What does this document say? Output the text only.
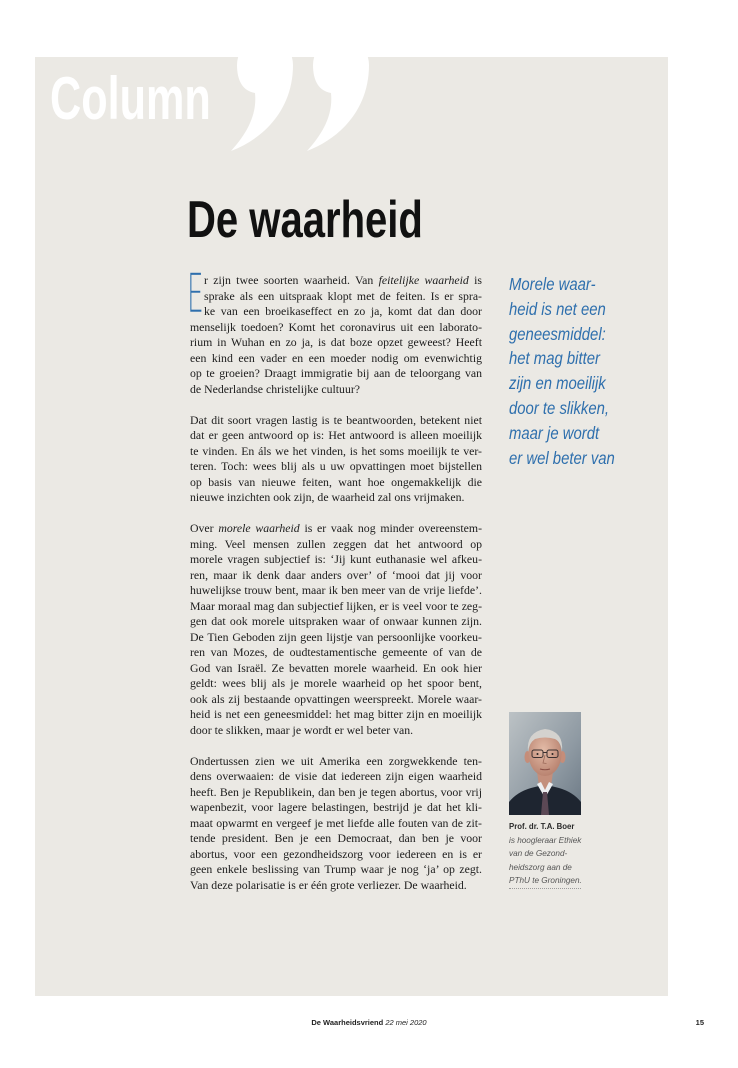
Column
De waarheid
E r zijn twee soorten waarheid. Van feitelijke waarheid is
sprake als een uitspraak klopt met de feiten. Is er spra-
ke van een broeikaseffect en zo ja, komt dat dan door
menselijk toedoen? Komt het coronavirus uit een laborato-
rium in Wuhan en zo ja, is dat boze opzet geweest? Heeft
een kind een vader en een moeder nodig om evenwichtig
op te groeien? Draagt immigratie bij aan de teloorgang van
de Nederlandse christelijke cultuur?
Dat dit soort vragen lastig is te beantwoorden, betekent niet
dat er geen antwoord op is: Het antwoord is alleen moeilijk
te vinden. En áls we het vinden, is het soms moeilijk te ver-
teren. Toch: wees blij als u uw opvattingen moet bijstellen
op basis van nieuwe feiten, want hoe ongemakkelijk die
nieuwe inzichten ook zijn, de waarheid zal ons vrijmaken.
Over morele waarheid is er vaak nog minder overeenstem-
ming. Veel mensen zullen zeggen dat het antwoord op
morele vragen subjectief is: ‘Jij kunt euthanasie wel afkeu-
ren, maar ik denk daar anders over’ of ‘mooi dat jij voor
huwelijkse trouw bent, maar ik ben meer van de vrije liefde’.
Maar moraal mag dan subjectief lijken, er is veel voor te zeg-
gen dat ook morele uitspraken waar of onwaar kunnen zijn.
De Tien Geboden zijn geen lijstje van persoonlijke voorkeu-
ren van Mozes, de oudtestamentische gemeente of van de
God van Israël. Ze bevatten morele waarheid. En ook hier
geldt: wees blij als je morele waarheid op het spoor bent,
ook als zij bestaande opvattingen weerspreekt. Morele waar-
heid is net een geneesmiddel: het mag bitter zijn en moeilijk
door te slikken, maar je wordt er wel beter van.
Ondertussen zien we uit Amerika een zorgwekkende ten-
dens overwaaien: de visie dat iedereen zijn eigen waarheid
heeft. Ben je Republikein, dan ben je tegen abortus, voor vrij
wapenbezit, voor lagere belastingen, bestrijd je dat het kli-
maat opwarmt en vergeef je met liefde alle fouten van de zit-
tende president. Ben je een Democraat, dan ben je voor
abortus, voor een gezondheidszorg voor iedereen en is er
geen enkele beslissing van Trump waar je nog ‘ja’ op zegt.
Van deze polarisatie is er één grote verliezer. De waarheid.
Morele waar-
heid is net een
geneesmiddel:
het mag bitter
zijn en moeilijk
door te slikken,
maar je wordt
er wel beter van
Prof. dr. T.A. Boer
is hoogleraar Ethiek
van de Gezond-
heidszorg aan de
PThU te Groningen.
De Waarheidsvriend 22 mei 2020	15
